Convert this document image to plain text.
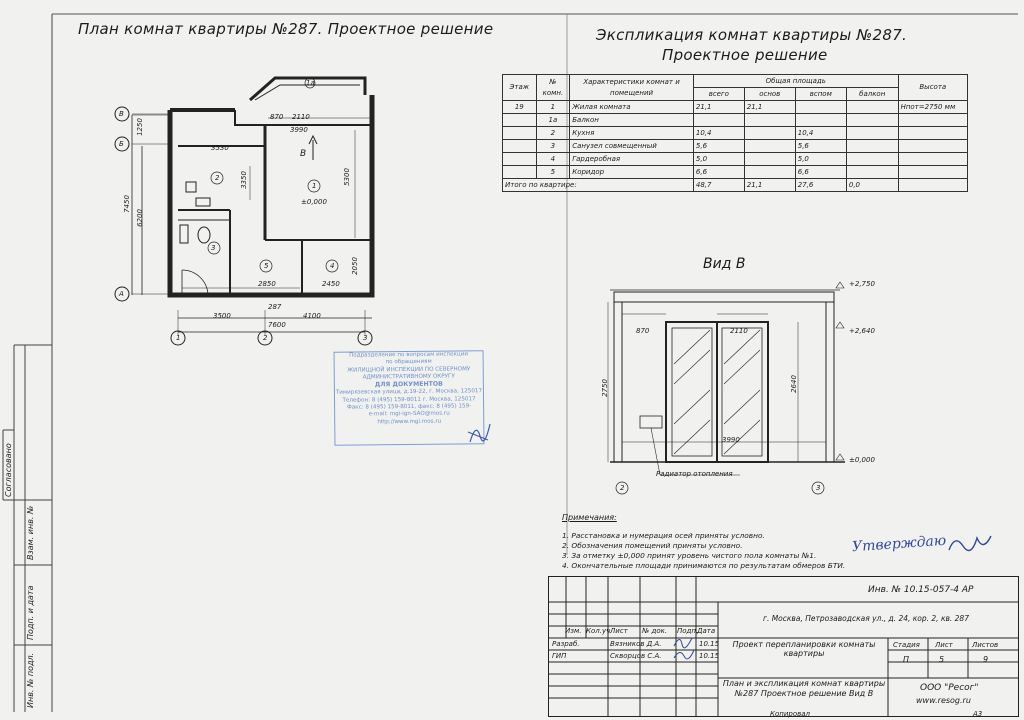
Согласовано
Взам. инв. №
Подп. и дата
Инв. № подл.
План комнат квартиры №287. Проектное решение
В
Б
А
1	2	3
870 2110
3990
3530
3350	5300
1250
7450
6200
2850	2450
2050
287
3500	4100
7600
2
1
±0,000
3
5	4
1а
В
Подразделение по вопросам инспекции
по обращениям
ЖИЛИЩНОЙ ИНСПЕКЦИИ ПО СЕВЕРНОМУ
АДМИНИСТРАТИВНОМУ ОКРУГУ
ДЛЯ ДОКУМЕНТОВ
Тимирязевская улица, д.19-22, г. Москва, 125017
Телефон: 8 (495) 159-8011 г. Москва, 125017
Факс: 8 (495) 159-8011, факс: 8 (495) 159-
e-mail: mgi-ign-SAO@mos.ru
http://www.mgi.mos.ru
Экспликация комнат квартиры №287.
Проектное решение
Этаж	№ комн.	Характеристики комнат и помещений	Общая площадь				Высота
			всего	основ	вспом	балкон	
19	1	Жилая комната	21,1	21,1			Нпот=2750 мм
	1а	Балкон					
	2	Кухня	10,4		10,4		
	3	Санузел совмещенный	5,6		5,6		
	4	Гардеробная	5,0		5,0		
	5	Коридор	6,6		6,6		
Итого по квартире:			48,7	21,1	27,6	0,0	
Вид В
+2,750
+2,640
±0,000
870	2110
2750	2640
3990
Радиатор отопления
2	3
Примечания:
1. Расстановка и нумерация осей приняты условно.
2. Обозначения помещений приняты условно.
3. За отметку ±0,000 принят уровень чистого пола комнаты №1.
4. Окончательные площади принимаются по результатам обмеров БТИ.
Утверждаю
Инв. № 10.15-057-4 АР
г. Москва, Петрозаводская ул., д. 24, кор. 2, кв. 287
Изм. Кол.уч Лист № док. Подп.
Дата
Разраб.
ГИП
Вязников Д.А.
Скворцов С.А.
10.15
10.15
Проект перепланировки комнаты квартиры
Стадия Лист	Листов
П	5	9
План и экспликация комнат квартиры №287 Проектное решение Вид В
ООО "Ресог"
www.resog.ru
Копировал	А3
